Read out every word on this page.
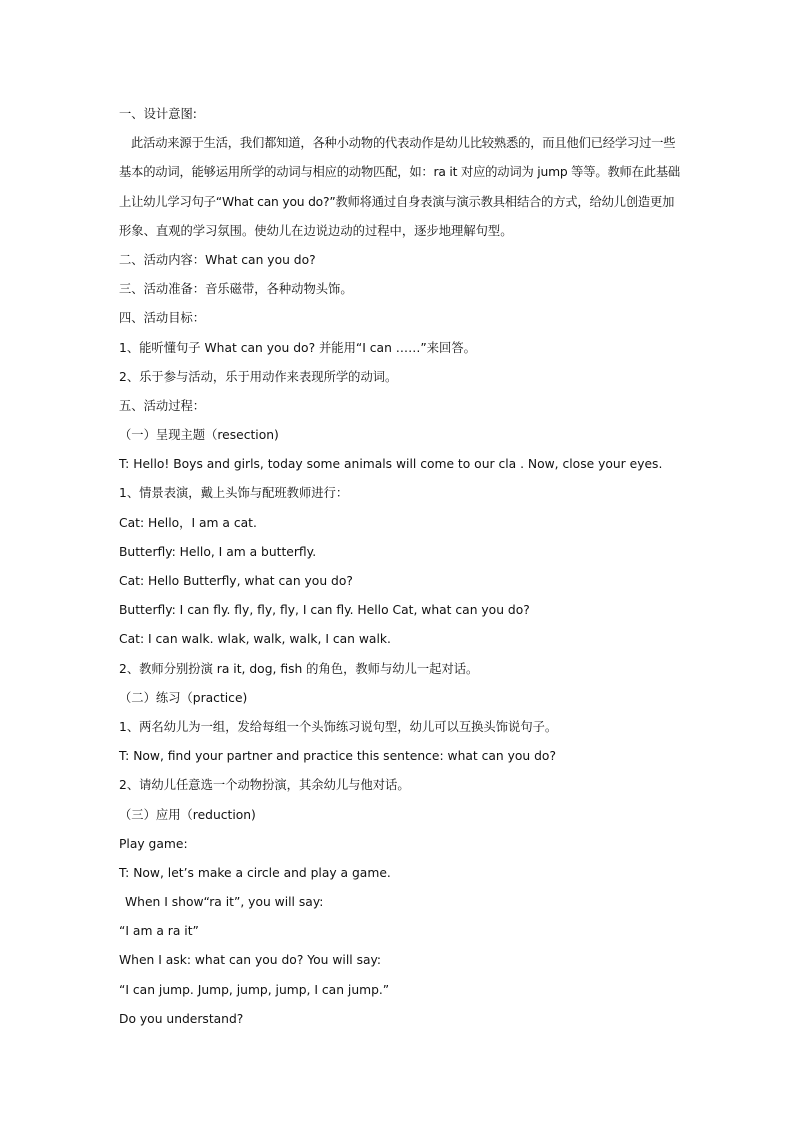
一、设计意图:
此活动来源于生活，我们都知道，各种小动物的代表动作是幼儿比较熟悉的，而且他们已经学习过一些
基本的动词，能够运用所学的动词与相应的动物匹配，如：ra it 对应的动词为 jump 等等。教师在此基础
上让幼儿学习句子“What can you do?”教师将通过自身表演与演示教具相结合的方式，给幼儿创造更加
形象、直观的学习氛围。使幼儿在边说边动的过程中，逐步地理解句型。
二、活动内容：What can you do?
三、活动准备：音乐磁带，各种动物头饰。
四、活动目标：
1、能听懂句子 What can you do? 并能用“I can ……”来回答。
2、乐于参与活动，乐于用动作来表现所学的动词。
五、活动过程：
（一）呈现主题（resection)
T: Hello! Boys and girls, today some animals will come to our cla . Now, close your eyes.
1、情景表演，戴上头饰与配班教师进行：
Cat: Hello，I am a cat.
Butterfly: Hello, I am a butterfly.
Cat: Hello Butterfly, what can you do?
Butterfly: I can fly. fly, fly, fly, I can fly. Hello Cat, what can you do?
Cat: I can walk. wlak, walk, walk, I can walk.
2、教师分别扮演 ra it, dog, fish 的角色，教师与幼儿一起对话。
（二）练习（practice)
1、两名幼儿为一组，发给每组一个头饰练习说句型，幼儿可以互换头饰说句子。
T: Now, find your partner and practice this sentence: what can you do?
2、请幼儿任意选一个动物扮演，其余幼儿与他对话。
（三）应用（reduction)
Play game:
T: Now, let’s make a circle and play a game.
When I show“ra it”, you will say:
“I am a ra it”
When I ask: what can you do? You will say:
“I can jump. Jump, jump, jump, I can jump.”
Do you understand?
